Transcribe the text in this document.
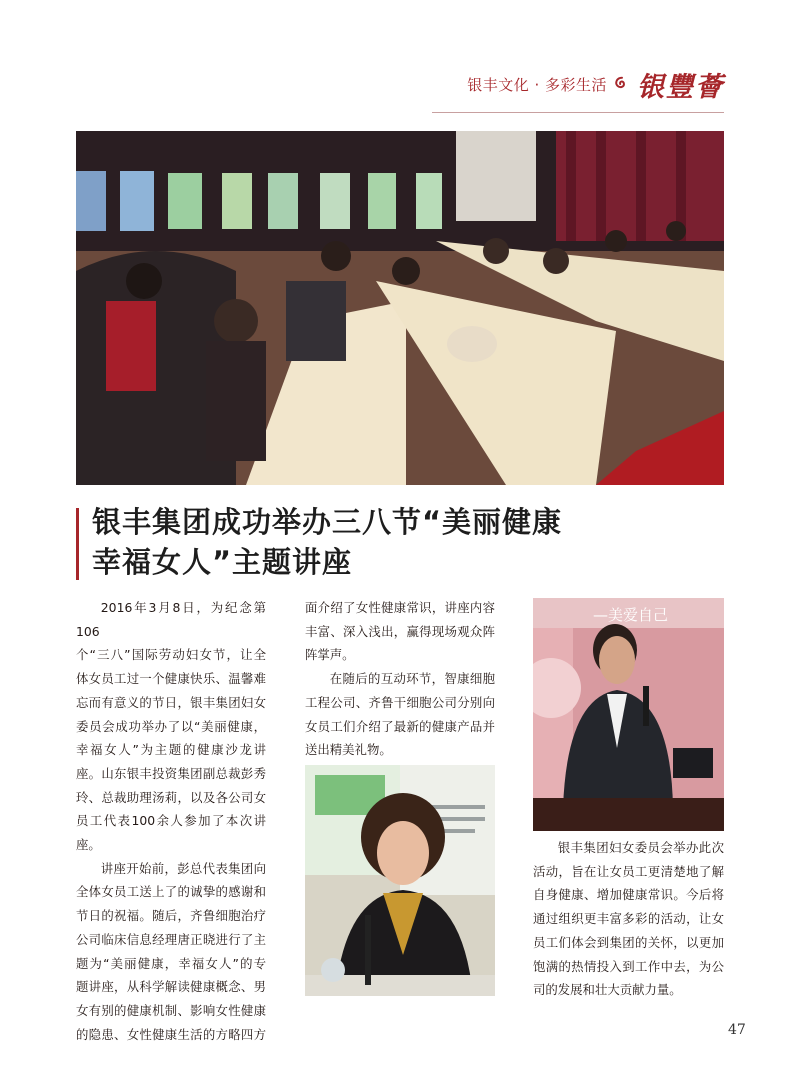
银丰文化 · 多彩生活 银豐薈
银丰集团成功举办三八节“美丽健康
幸福女人”主题讲座

2016年3月8日，为纪念第106

个“三八”国际劳动妇女节，让全

体女员工过一个健康快乐、温馨难

忘而有意义的节日，银丰集团妇女

委员会成功举办了以“美丽健康，

幸福女人”为主题的健康沙龙讲

座。山东银丰投资集团副总裁彭秀

玲、总裁助理汤莉，以及各公司女

员工代表100余人参加了本次讲座。

讲座开始前，彭总代表集团向

全体女员工送上了的诚挚的感谢和

节日的祝福。随后，齐鲁细胞治疗

公司临床信息经理唐正晓进行了主

题为“美丽健康，幸福女人”的专

题讲座，从科学解读健康概念、男

女有别的健康机制、影响女性健康

的隐患、女性健康生活的方略四方

面介绍了女性健康常识，讲座内容

丰富、深入浅出，赢得现场观众阵

阵掌声。

在随后的互动环节，智康细胞

工程公司、齐鲁干细胞公司分别向

女员工们介绍了最新的健康产品并

送出精美礼物。

—美爱自己

银丰集团妇女委员会举办此次

活动，旨在让女员工更清楚地了解

自身健康、增加健康常识。今后将

通过组织更丰富多彩的活动，让女

员工们体会到集团的关怀，以更加

饱满的热情投入到工作中去，为公

司的发展和壮大贡献力量。

47
